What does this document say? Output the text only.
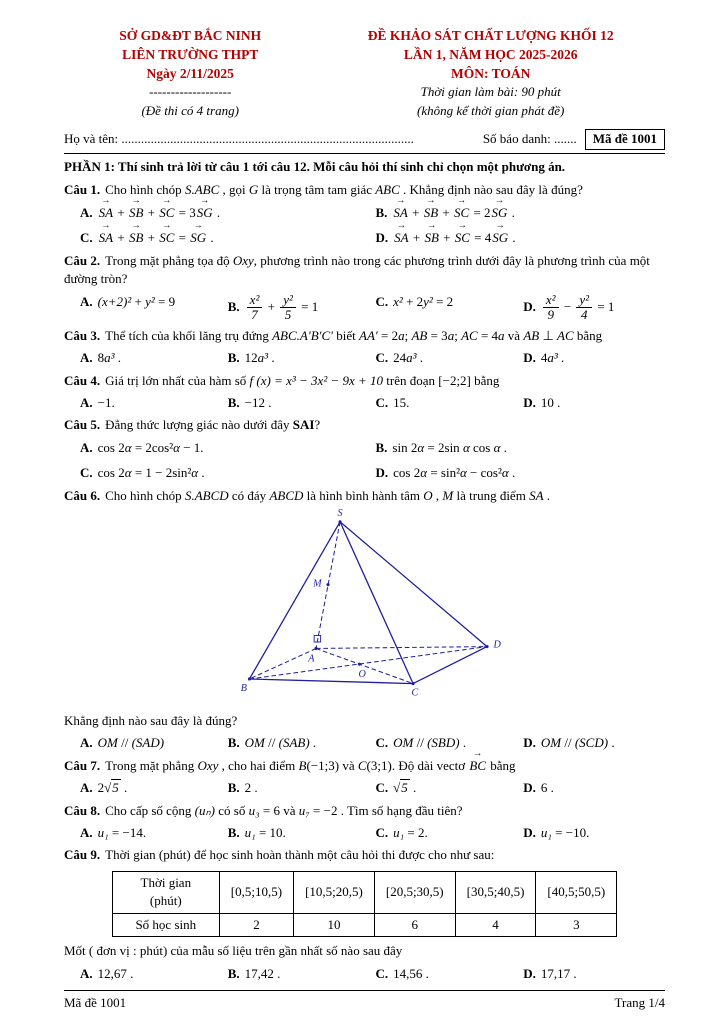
SỞ GD&ĐT BẮC NINH
LIÊN TRƯỜNG THPT
Ngày 2/11/2025
-------------------
(Đề thi có 4 trang)
ĐỀ KHẢO SÁT CHẤT LƯỢNG KHỐI 12
LẦN 1, NĂM HỌC 2025-2026
MÔN: TOÁN
Thời gian làm bài: 90 phút
(không kể thời gian phát đề)
Họ và tên: ..........................................................................................	Số báo danh: .......	Mã đề 1001

PHẦN 1: Thí sinh trả lời từ câu 1 tới câu 12. Mỗi câu hỏi thí sinh chỉ chọn một phương án.

Câu 1. Cho hình chóp S.ABC , gọi G là trọng tâm tam giác ABC . Khẳng định nào sau đây là đúng?

A.
→
SA +
→
SB +
→
SC = 3
→
SG .	B.
→
SA +
→
SB +
→
SC = 2
→
SG .
C.
→
SA +
→
SB +
→
SC =
→
SG .	D.
→
SA +
→
SB +
→
SC = 4
→
SG .

Câu 2. Trong mặt phẳng tọa độ Oxy, phương trình nào trong các phương trình dưới đây là phương trình của một đường tròn?

A. (x+2)² + y² = 9	B. $\frac{\text{x²}}{7} + \frac{\text{y²}}{5} = 1$	C. x² + 2y² = 2	D. $\frac{\text{x²}}{9} - \frac{\text{y²}}{4} = 1$

Câu 3. Thể tích của khối lăng trụ đứng ABC.A′B′C′ biết AA′ = 2a; AB = 3a; AC = 4a và AB ⊥ AC bằng

A. 8a³ .	B. 12a³ .	C. 24a³ .	D. 4a³ .

Câu 4. Giá trị lớn nhất của hàm số f (x) = x³ − 3x² − 9x + 10 trên đoạn [−2;2] bằng

A. −1.	B. −12 .	C. 15.	D. 10 .

Câu 5. Đẳng thức lượng giác nào dưới đây SAI?

A. cos 2α = 2cos²α − 1.	B. sin 2α = 2sin α cos α .
C. cos 2α = 1 − 2sin²α .	D. cos 2α = sin²α − cos²α .

Câu 6. Cho hình chóp S.ABCD có đáy ABCD là hình bình hành tâm O , M là trung điểm SA .

S
M
A
B	C
D
O

Khẳng định nào sau đây là đúng?

A. OM // (SAD)	B. OM // (SAB) .	C. OM // (SBD) .	D. OM // (SCD) .

Câu 7. Trong mặt phẳng Oxy , cho hai điểm B(−1;3) và C(3;1). Độ dài vectơ
→
BC bằng

A. 2√5 .	B. 2 .	C. √5 .	D. 6 .

Câu 8. Cho cấp số cộng (uₙ) có số u₃ = 6 và u₇ = −2 . Tìm số hạng đầu tiên?

A. u₁ = −14.	B. u₁ = 10.	C. u₁ = 2.	D. u₁ = −10.

Câu 9. Thời gian (phút) để học sinh hoàn thành một câu hỏi thi được cho như sau:

Thời gian (phút)	[0,5;10,5)	[10,5;20,5)	[20,5;30,5)	[30,5;40,5)	[40,5;50,5)
Số học sinh	2	10	6	4	3

Mốt ( đơn vị : phút) của mẫu số liệu trên gần nhất số nào sau đây

A. 12,67 .	B. 17,42 .	C. 14,56 .	D. 17,17 .
Mã đề 1001	Trang 1/4
